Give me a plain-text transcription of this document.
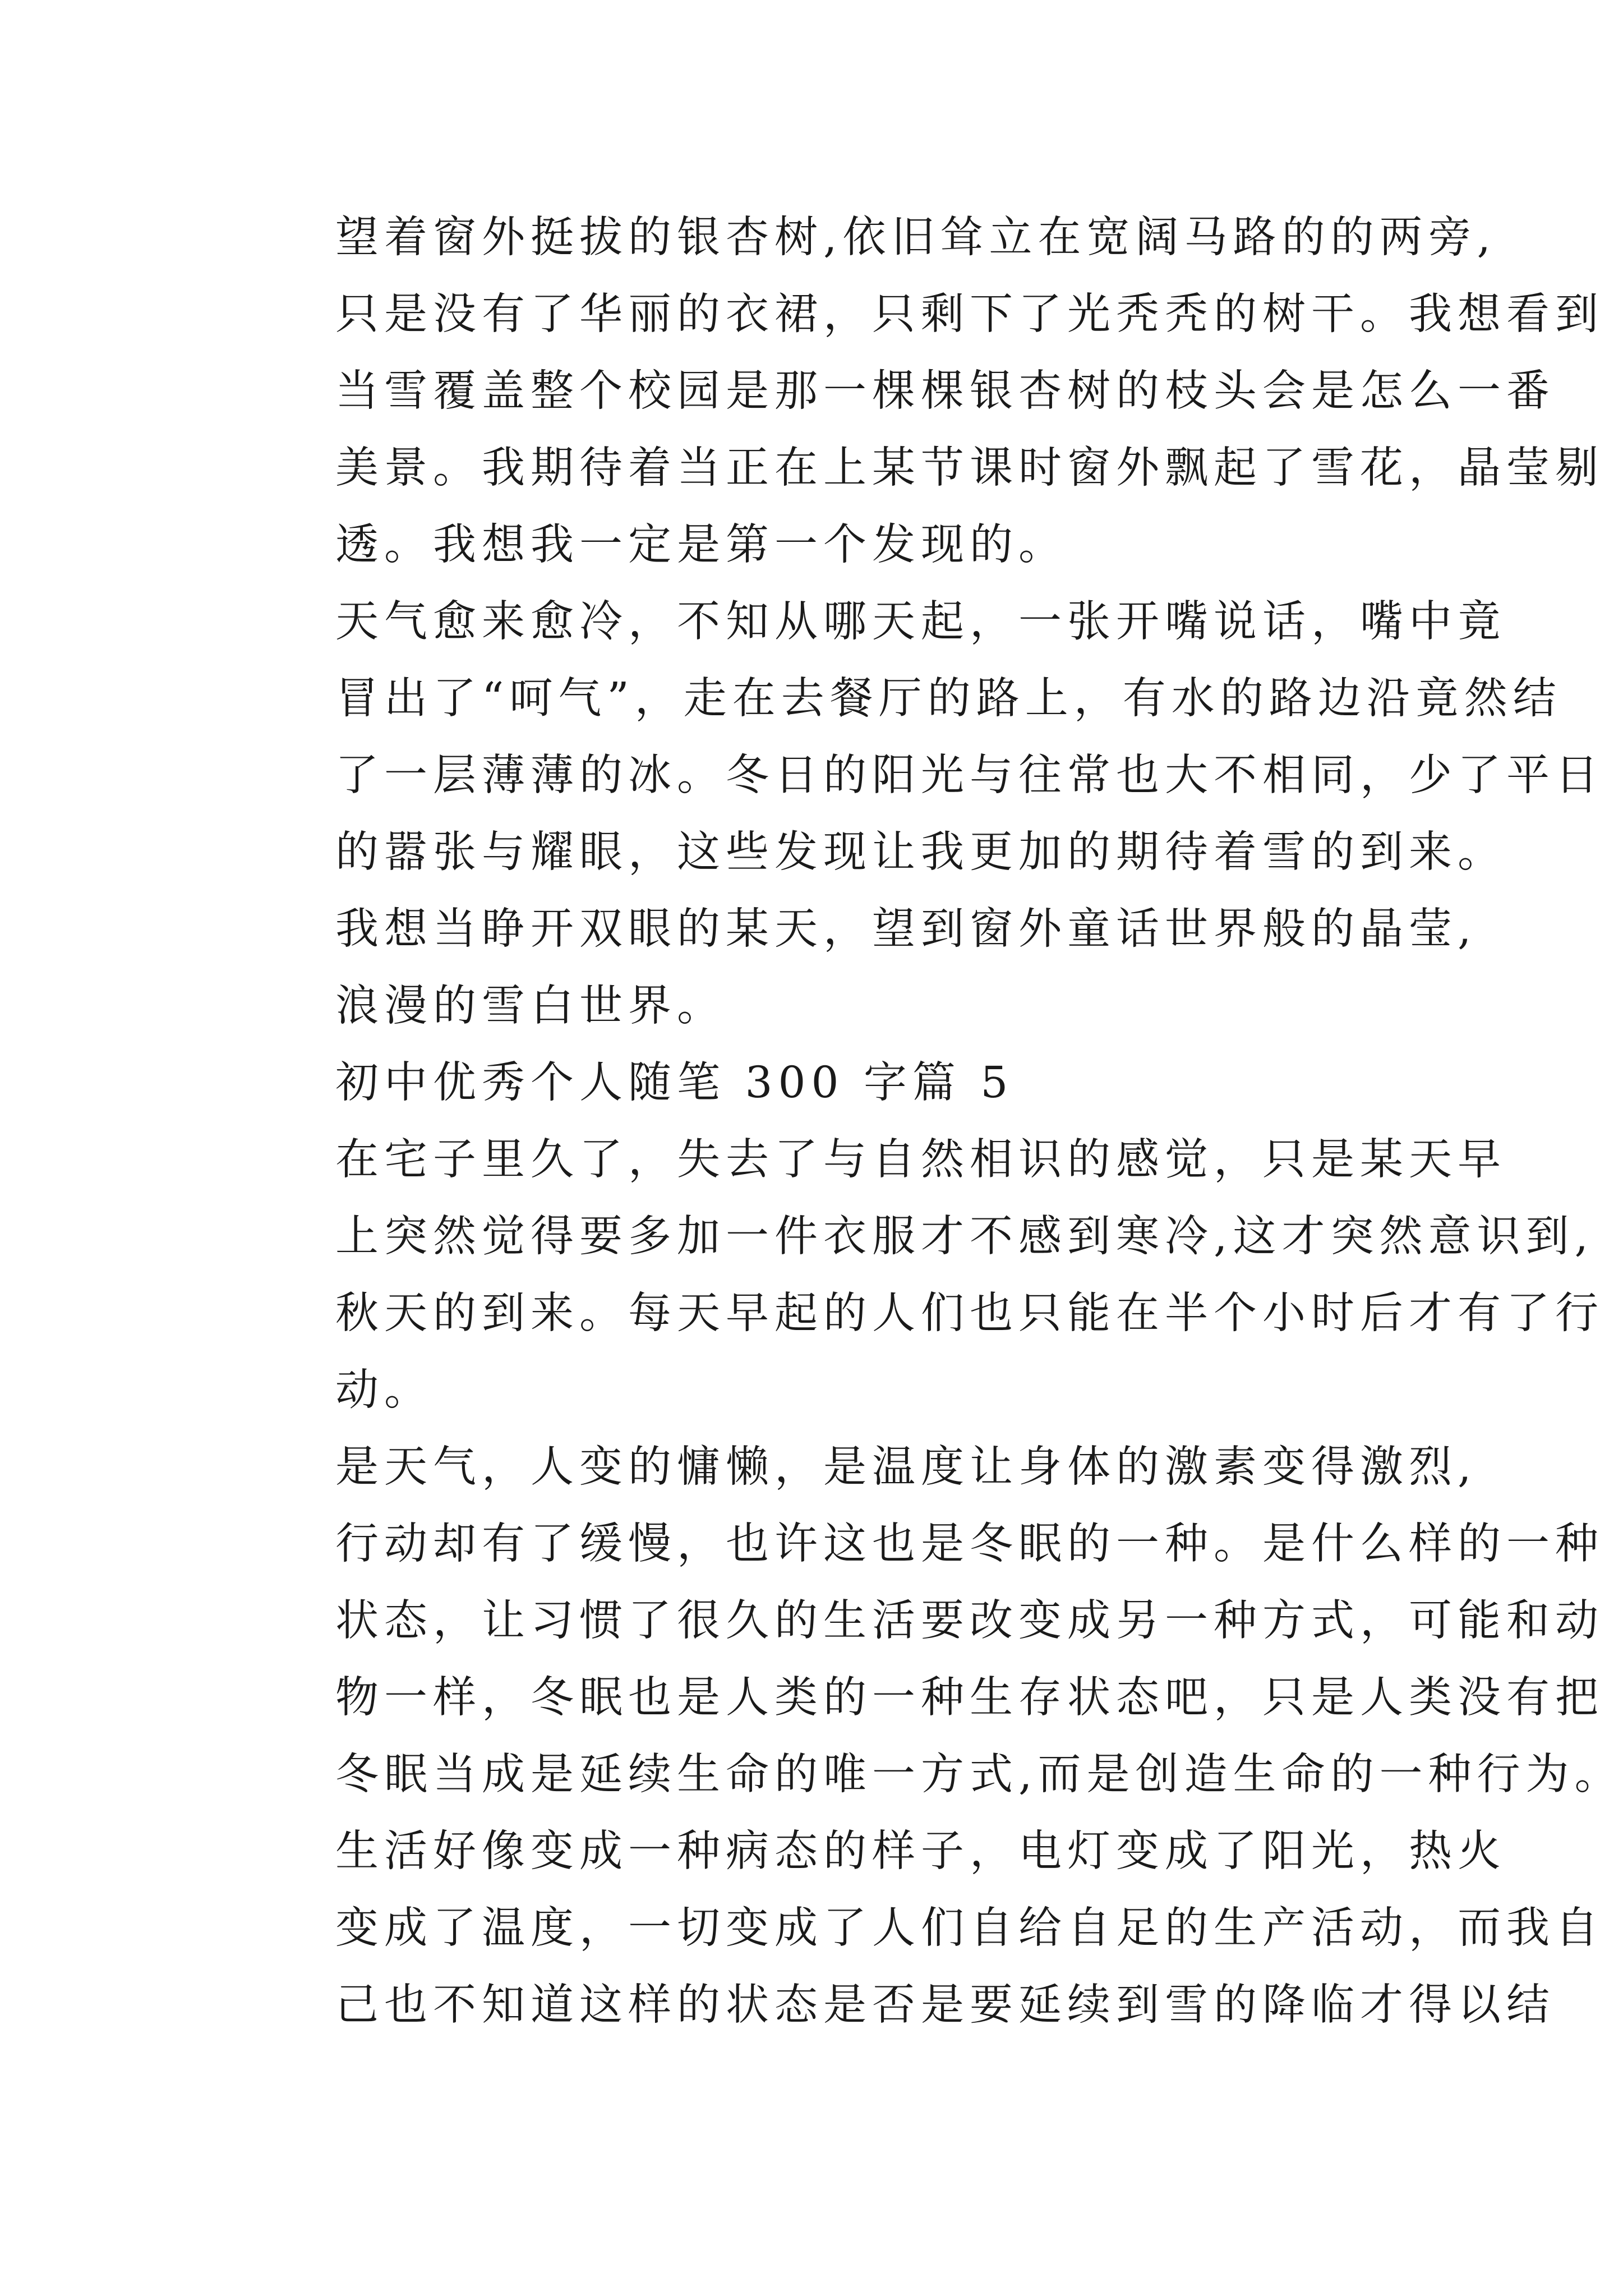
望着窗外挺拔的银杏树,依旧耸立在宽阔马路的的两旁,
只是没有了华丽的衣裙，只剩下了光秃秃的树干。我想看到
当雪覆盖整个校园是那一棵棵银杏树的枝头会是怎么一番
美景。我期待着当正在上某节课时窗外飘起了雪花，晶莹剔
透。我想我一定是第一个发现的。
天气愈来愈冷，不知从哪天起，一张开嘴说话，嘴中竟
冒出了“呵气”，走在去餐厅的路上，有水的路边沿竟然结
了一层薄薄的冰。冬日的阳光与往常也大不相同，少了平日
的嚣张与耀眼，这些发现让我更加的期待着雪的到来。
我想当睁开双眼的某天，望到窗外童话世界般的晶莹,
浪漫的雪白世界。
初中优秀个人随笔 300 字篇 5
在宅子里久了，失去了与自然相识的感觉，只是某天早
上突然觉得要多加一件衣服才不感到寒冷,这才突然意识到,
秋天的到来。每天早起的人们也只能在半个小时后才有了行
动。
是天气，人变的慵懒，是温度让身体的激素变得激烈,
行动却有了缓慢，也许这也是冬眠的一种。是什么样的一种
状态，让习惯了很久的生活要改变成另一种方式，可能和动
物一样，冬眠也是人类的一种生存状态吧，只是人类没有把
冬眠当成是延续生命的唯一方式,而是创造生命的一种行为。
生活好像变成一种病态的样子，电灯变成了阳光，热火
变成了温度，一切变成了人们自给自足的生产活动，而我自
己也不知道这样的状态是否是要延续到雪的降临才得以结
